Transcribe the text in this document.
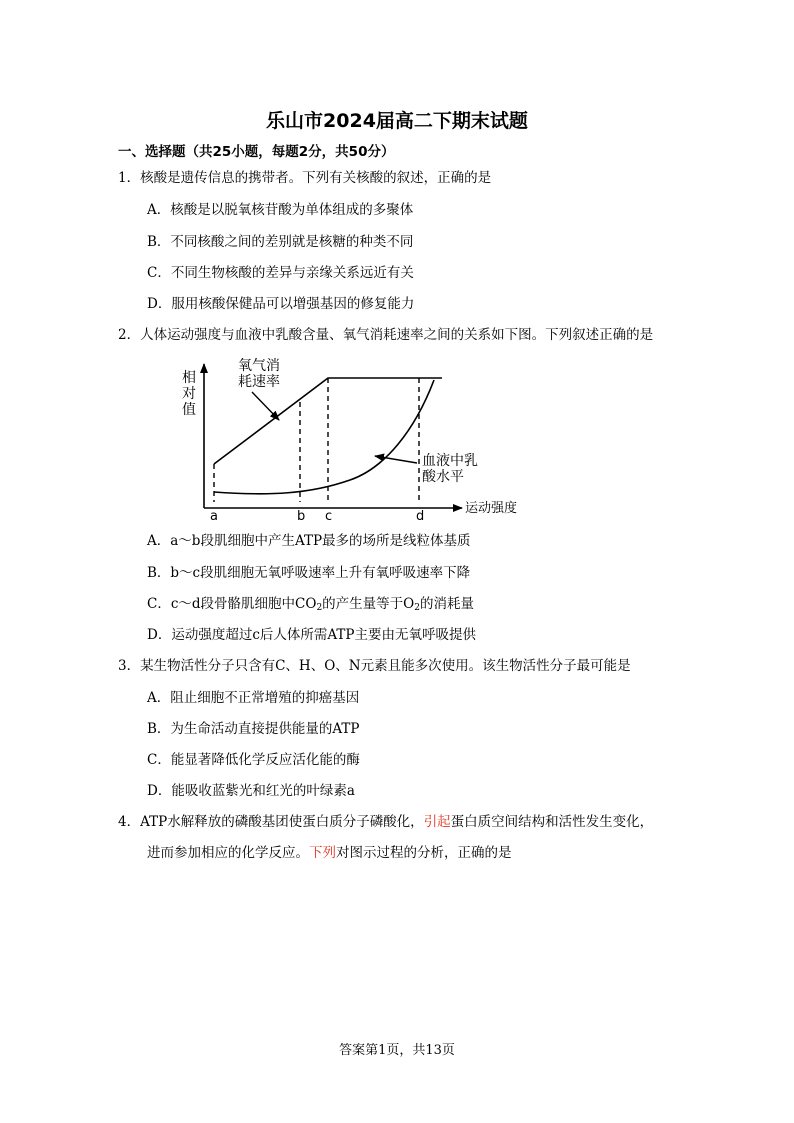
乐山市2024届高二下期末试题
一、选择题（共25小题，每题2分，共50分）
1．核酸是遗传信息的携带者。下列有关核酸的叙述，正确的是
A．核酸是以脱氧核苷酸为单体组成的多聚体
B．不同核酸之间的差别就是核糖的种类不同
C．不同生物核酸的差异与亲缘关系远近有关
D．服用核酸保健品可以增强基因的修复能力
2．人体运动强度与血液中乳酸含量、氧气消耗速率之间的关系如下图。下列叙述正确的是
相
对
值
运动强度
氧气消
耗速率
血液中乳
酸水平
a	b c	d
A．a～b段肌细胞中产生ATP最多的场所是线粒体基质
B．b～c段肌细胞无氧呼吸速率上升有氧呼吸速率下降
C．c～d段骨骼肌细胞中$CO_2$的产生量等于$O_2$的消耗量
D．运动强度超过c后人体所需ATP主要由无氧呼吸提供
3．某生物活性分子只含有C、H、O、N元素且能多次使用。该生物活性分子最可能是
A．阻止细胞不正常增殖的抑癌基因
B．为生命活动直接提供能量的ATP
C．能显著降低化学反应活化能的酶
D．能吸收蓝紫光和红光的叶绿素a
4．ATP水解释放的磷酸基团使蛋白质分子磷酸化，引起蛋白质空间结构和活性发生变化，
进而参加相应的化学反应。下列对图示过程的分析，正确的是
答案第1页，共13页
